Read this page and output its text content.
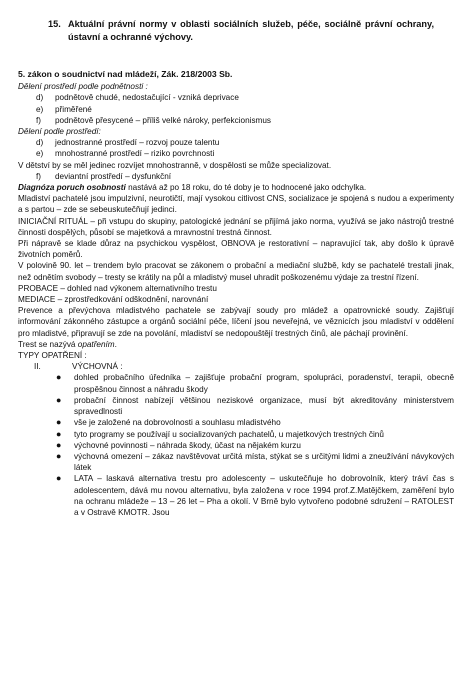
15. Aktuální právní normy v oblasti sociálních služeb, péče, sociálně právní ochrany, ústavní a ochranné výchovy.
5. zákon o soudnictví nad mládeží, Zák. 218/2003 Sb.
Dělení prostředí podle podnětnosti :
d)	podnětově chudé, nedostačující - vzniká deprivace
e)	přiměřené
f)	podnětově přesycené – příliš velké nároky, perfekcionismus
Dělení podle prostředí:
d)	jednostranné prostředí – rozvoj pouze talentu
e)	mnohostranné prostředí – riziko povrchnosti
V dětství by se měl jedinec rozvíjet mnohostranně, v dospělosti se může specializovat.
f)	deviantní prostředí – dysfunkční
Diagnóza poruch osobnosti nastává až po 18 roku, do té doby je to hodnocené jako odchylka.
Mladiství pachatelé jsou impulzivní, neurotičtí, mají vysokou citlivost CNS, socializace je spojená s nudou a experimenty a s partou – zde se sebeuskutečňují jedinci.
INICIAČNÍ RITUÁL – při vstupu do skupiny, patologické jednání se přijímá jako norma, využívá se jako nástrojů trestné činnosti dospělých, působí se majetková a mravnostní trestná činnost.
Při nápravě se klade důraz na psychickou vyspělost, OBNOVA je restorativní – napravující tak, aby došlo k úpravě životních poměrů.
V polovině 90. let – trendem bylo pracovat se zákonem o probační a mediační službě, kdy se pachatelé trestali jinak, než odnětím svobody – tresty se krátily na půl a mladistvý musel uhradit poškozenému výdaje za trestní řízení.
PROBACE – dohled nad výkonem alternativního trestu
MEDIACE – zprostředkování odškodnění, narovnání
Prevence a převýchova mladistvého pachatele se zabývají soudy pro mládež a opatrovnické soudy. Zajišťují informování zákonného zástupce a orgánů sociální péče, líčení jsou neveřejná, ve věznicích jsou mladiství v oddělení pro mladistvé, připravují se zde na povolání, mladiství se nedopouštějí trestných činů, ale páchají provinění.
Trest se nazývá opatřením.
TYPY OPATŘENÍ :
II.	VÝCHOVNÁ :
●	dohled probačního úředníka – zajišťuje probační program, spolupráci, poradenství, terapii, obecně prospěšnou činnost a náhradu škody
●	probační činnost nabízejí většinou neziskové organizace, musí být akreditovány ministerstvem spravedlnosti
●	vše je založené na dobrovolnosti a souhlasu mladistvého
●	tyto programy se používají u socializovaných pachatelů, u majetkových trestných činů
●	výchovné povinnosti – náhrada škody, účast na nějakém kurzu
●	výchovná omezení – zákaz navštěvovat určitá místa, stýkat se s určitými lidmi a zneužívání návykových látek
●	LATA – laskavá alternativa trestu pro adolescenty – uskutečňuje ho dobrovolník, který tráví čas s adolescentem, dává mu novou alternativu, byla založena v roce 1994 prof.Z.Matějčkem, zaměření bylo na ochranu mládeže – 13 – 26 let – Pha a okolí. V Brně bylo vytvořeno podobné sdružení – RATOLEST a v Ostravě KMOTR. Jsou
